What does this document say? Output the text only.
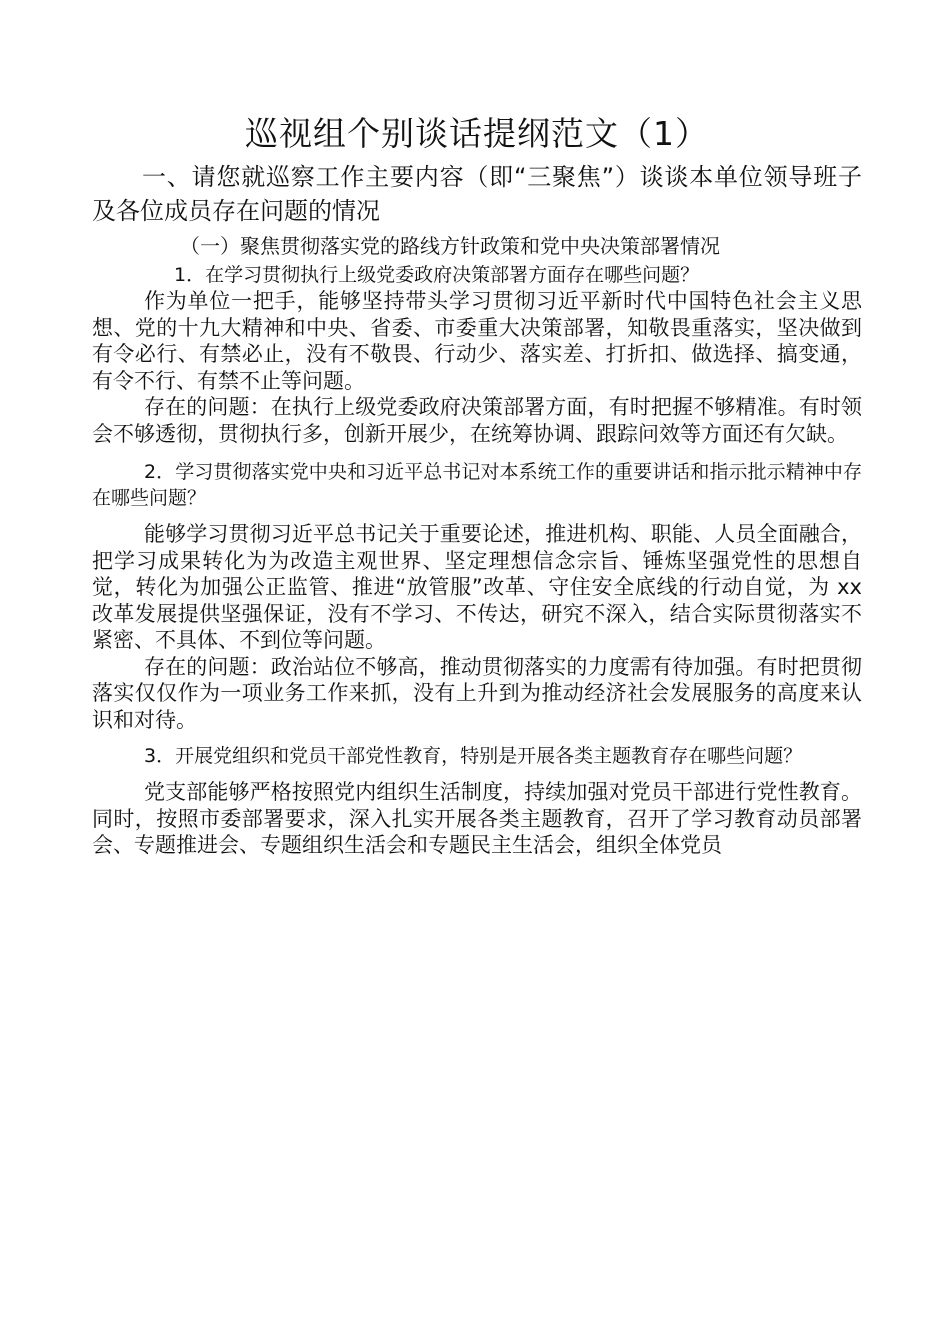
巡视组个别谈话提纲范文（1）

一、请您就巡察工作主要内容（即“三聚焦”）谈谈本单位领导班子及各位成员存在问题的情况

（一）聚焦贯彻落实党的路线方针政策和党中央决策部署情况

1．在学习贯彻执行上级党委政府决策部署方面存在哪些问题？

作为单位一把手，能够坚持带头学习贯彻习近平新时代中国特色社会主义思想、党的十九大精神和中央、省委、市委重大决策部署，知敬畏重落实，坚决做到有令必行、有禁必止，没有不敬畏、行动少、落实差、打折扣、做选择、搞变通，有令不行、有禁不止等问题。

存在的问题：在执行上级党委政府决策部署方面，有时把握不够精准。有时领会不够透彻，贯彻执行多，创新开展少，在统筹协调、跟踪问效等方面还有欠缺。

2．学习贯彻落实党中央和习近平总书记对本系统工作的重要讲话和指示批示精神中存在哪些问题？

能够学习贯彻习近平总书记关于重要论述，推进机构、职能、人员全面融合，把学习成果转化为为改造主观世界、坚定理想信念宗旨、锤炼坚强党性的思想自觉，转化为加强公正监管、推进“放管服”改革、守住安全底线的行动自觉，为 xx 改革发展提供坚强保证，没有不学习、不传达，研究不深入，结合实际贯彻落实不紧密、不具体、不到位等问题。

存在的问题：政治站位不够高，推动贯彻落实的力度需有待加强。有时把贯彻落实仅仅作为一项业务工作来抓，没有上升到为推动经济社会发展服务的高度来认识和对待。

3．开展党组织和党员干部党性教育，特别是开展各类主题教育存在哪些问题？

党支部能够严格按照党内组织生活制度，持续加强对党员干部进行党性教育。同时，按照市委部署要求，深入扎实开展各类主题教育，召开了学习教育动员部署会、专题推进会、专题组织生活会和专题民主生活会，组织全体党员
